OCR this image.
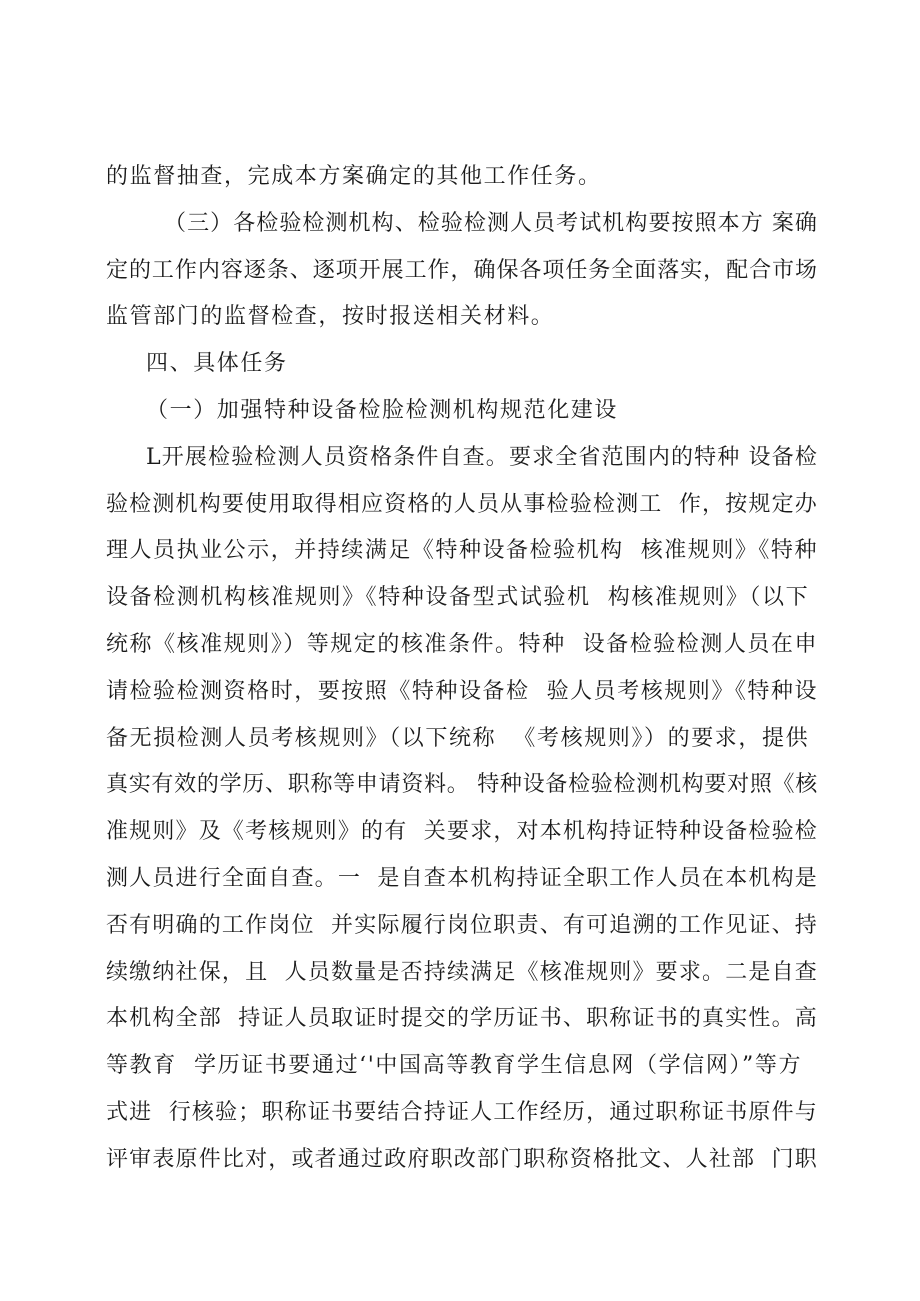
的监督抽查，完成本方案确定的其他工作任务。
（三）各检验检测机构、检验检测人员考试机构要按照本方 案确
定的工作内容逐条、逐项开展工作，确保各项任务全面落实，配合市场
监管部门的监督检查，按时报送相关材料。
四、具体任务
（一）加强特种设备检脸检测机构规范化建设
L开展检验检测人员资格条件自查。要求全省范围内的特种 设备检
验检测机构要使用取得相应资格的人员从事检验检测工  作，按规定办
理人员执业公示，并持续满足《特种设备检验机构  核准规则》《特种
设备检测机构核准规则》《特种设备型式试验机  构核准规则》（以下
统称《核准规则》）等规定的核准条件。特种  设备检验检测人员在申
请检验检测资格时，要按照《特种设备检  验人员考核规则》《特种设
备无损检测人员考核规则》（以下统称  《考核规则》）的要求，提供
真实有效的学历、职称等申请资料。 特种设备检验检测机构要对照《核
准规则》及《考核规则》的有  关要求，对本机构持证特种设备检验检
测人员进行全面自查。一  是自查本机构持证全职工作人员在本机构是
否有明确的工作岗位  并实际履行岗位职责、有可追溯的工作见证、持
续缴纳社保，且  人员数量是否持续满足《核准规则》要求。二是自查
本机构全部  持证人员取证时提交的学历证书、职称证书的真实性。高
等教育  学历证书要通过‘'中国高等教育学生信息网（学信网）”等方
式进  行核验；职称证书要结合持证人工作经历，通过职称证书原件与
评审表原件比对，或者通过政府职改部门职称资格批文、人社部  门职
